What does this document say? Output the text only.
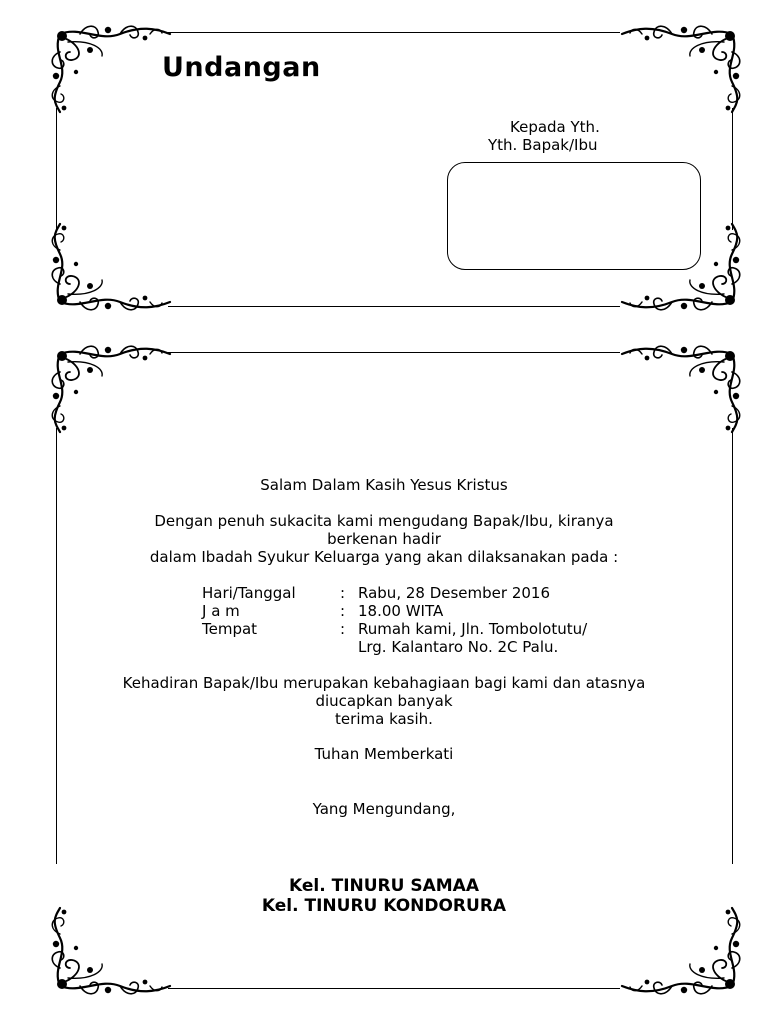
Undangan
Kepada Yth.
Yth. Bapak/Ibu
Salam Dalam Kasih Yesus Kristus
Dengan penuh sukacita kami mengudang Bapak/Ibu, kiranya
berkenan hadir
dalam Ibadah Syukur Keluarga yang akan dilaksanakan pada :
Hari/Tanggal	: Rabu, 28 Desember 2016
J a m	: 18.00 WITA
Tempat	: Rumah kami, Jln. Tombolotutu/
Lrg. Kalantaro No. 2C Palu.
Kehadiran Bapak/Ibu merupakan kebahagiaan bagi kami dan atasnya
diucapkan banyak
terima kasih.
Tuhan Memberkati
Yang Mengundang,
Kel. TINURU SAMAA
Kel. TINURU KONDORURA
